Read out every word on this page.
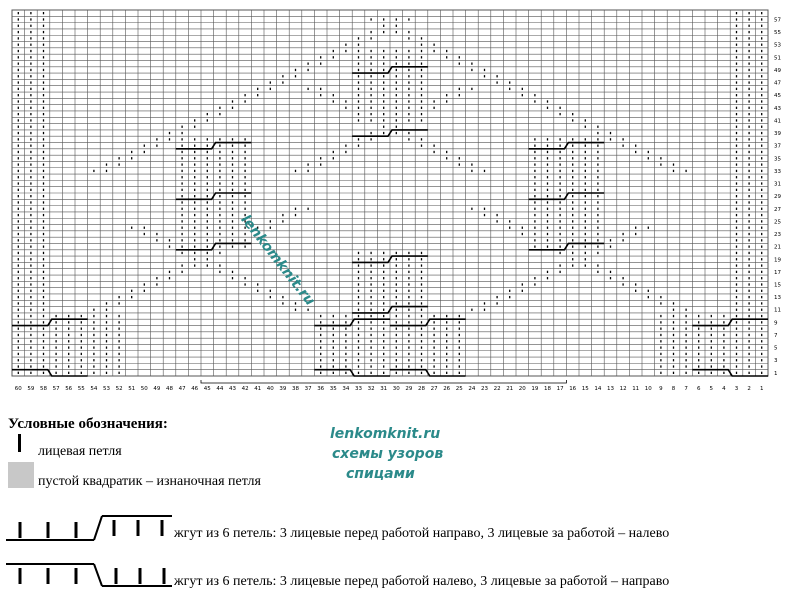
1
3
5
7
9
11
13
15
17
19
21
23
25
27
29
31
33
35
37
39
41
43
45
47
49
51
53
55
57
60 59 58 57 56 55 54 53 52 51 50 49 48 47 46 45 44 43 42 41 40 39 38 37 36 35 34 33 32 31 30 29 28 27 26 25 24 23 22 21 20 19 18 17 16 15 14 13 12 11 10 9 8 7 6 5 4 3 2 1
lenkomknit.ru
Условные обозначения:
lenkomknit.ru
схемы узоров
спицами
лицевая петля
пустой квадратик – изнаночная петля
жгут из 6 петель: 3 лицевые перед работой направо, 3 лицевые за работой – налево
жгут из 6 петель: 3 лицевые перед работой налево, 3 лицевые за работой – направо
